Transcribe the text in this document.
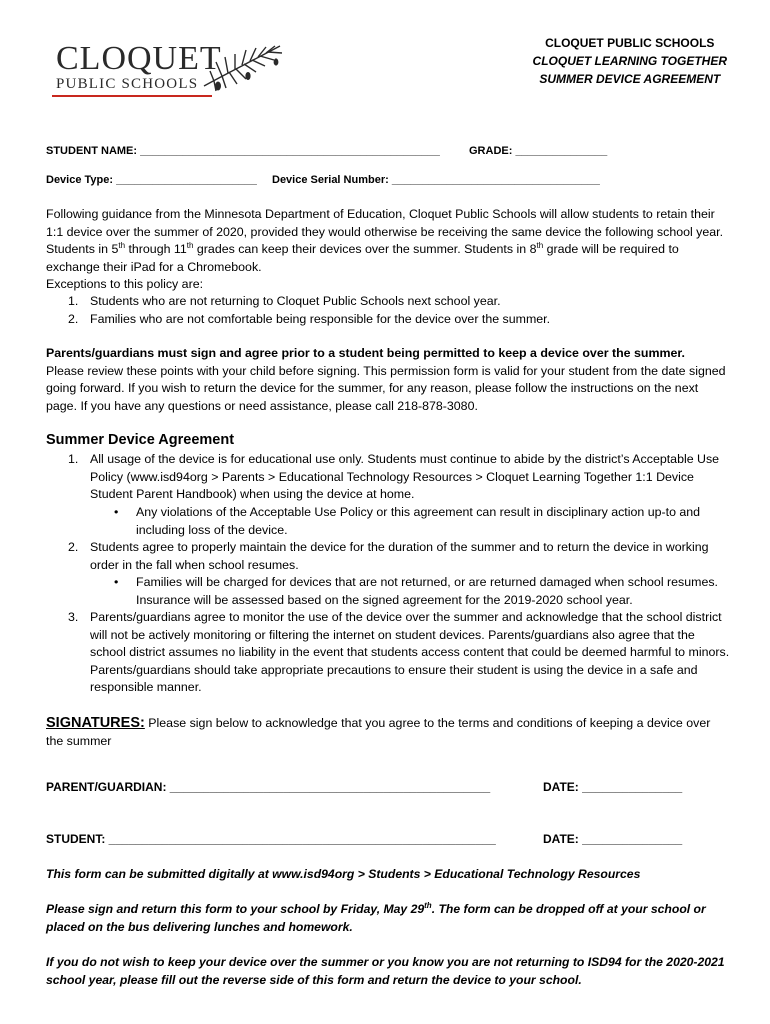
CLOQUET
PUBLIC SCHOOLS
CLOQUET PUBLIC SCHOOLS
CLOQUET LEARNING TOGETHER
SUMMER DEVICE AGREEMENT
STUDENT NAME: _________________________________________________	GRADE: _______________
Device Type: _______________________ Device Serial Number: __________________________________
Following guidance from the Minnesota Department of Education, Cloquet Public Schools will allow students to retain their 1:1 device over the summer of 2020, provided they would otherwise be receiving the same device the following school year. Students in 5th through 11th grades can keep their devices over the summer. Students in 8th grade will be required to exchange their iPad for a Chromebook.
Exceptions to this policy are:
1. Students who are not returning to Cloquet Public Schools next school year.
2. Families who are not comfortable being responsible for the device over the summer.
Parents/guardians must sign and agree prior to a student being permitted to keep a device over the summer. Please review these points with your child before signing. This permission form is valid for your student from the date signed going forward. If you wish to return the device for the summer, for any reason, please follow the instructions on the next page. If you have any questions or need assistance, please call 218-878-3080.
Summer Device Agreement
1. All usage of the device is for educational use only. Students must continue to abide by the district’s Acceptable Use Policy (www.isd94org > Parents > Educational Technology Resources > Cloquet Learning Together 1:1 Device Student Parent Handbook) when using the device at home.
• Any violations of the Acceptable Use Policy or this agreement can result in disciplinary action up-to and including loss of the device.
2. Students agree to properly maintain the device for the duration of the summer and to return the device in working order in the fall when school resumes.
• Families will be charged for devices that are not returned, or are returned damaged when school resumes. Insurance will be assessed based on the signed agreement for the 2019-2020 school year.
3. Parents/guardians agree to monitor the use of the device over the summer and acknowledge that the school district will not be actively monitoring or filtering the internet on student devices. Parents/guardians also agree that the school district assumes no liability in the event that students access content that could be deemed harmful to minors. Parents/guardians should take appropriate precautions to ensure their student is using the device in a safe and responsible manner.
SIGNATURES: Please sign below to acknowledge that you agree to the terms and conditions of keeping a device over the summer
PARENT/GUARDIAN: ________________________________________________	DATE: _______________
STUDENT: __________________________________________________________	DATE: _______________
This form can be submitted digitally at www.isd94org > Students > Educational Technology Resources
Please sign and return this form to your school by Friday, May 29th. The form can be dropped off at your school or placed on the bus delivering lunches and homework.
If you do not wish to keep your device over the summer or you know you are not returning to ISD94 for the 2020-2021 school year, please fill out the reverse side of this form and return the device to your school.
